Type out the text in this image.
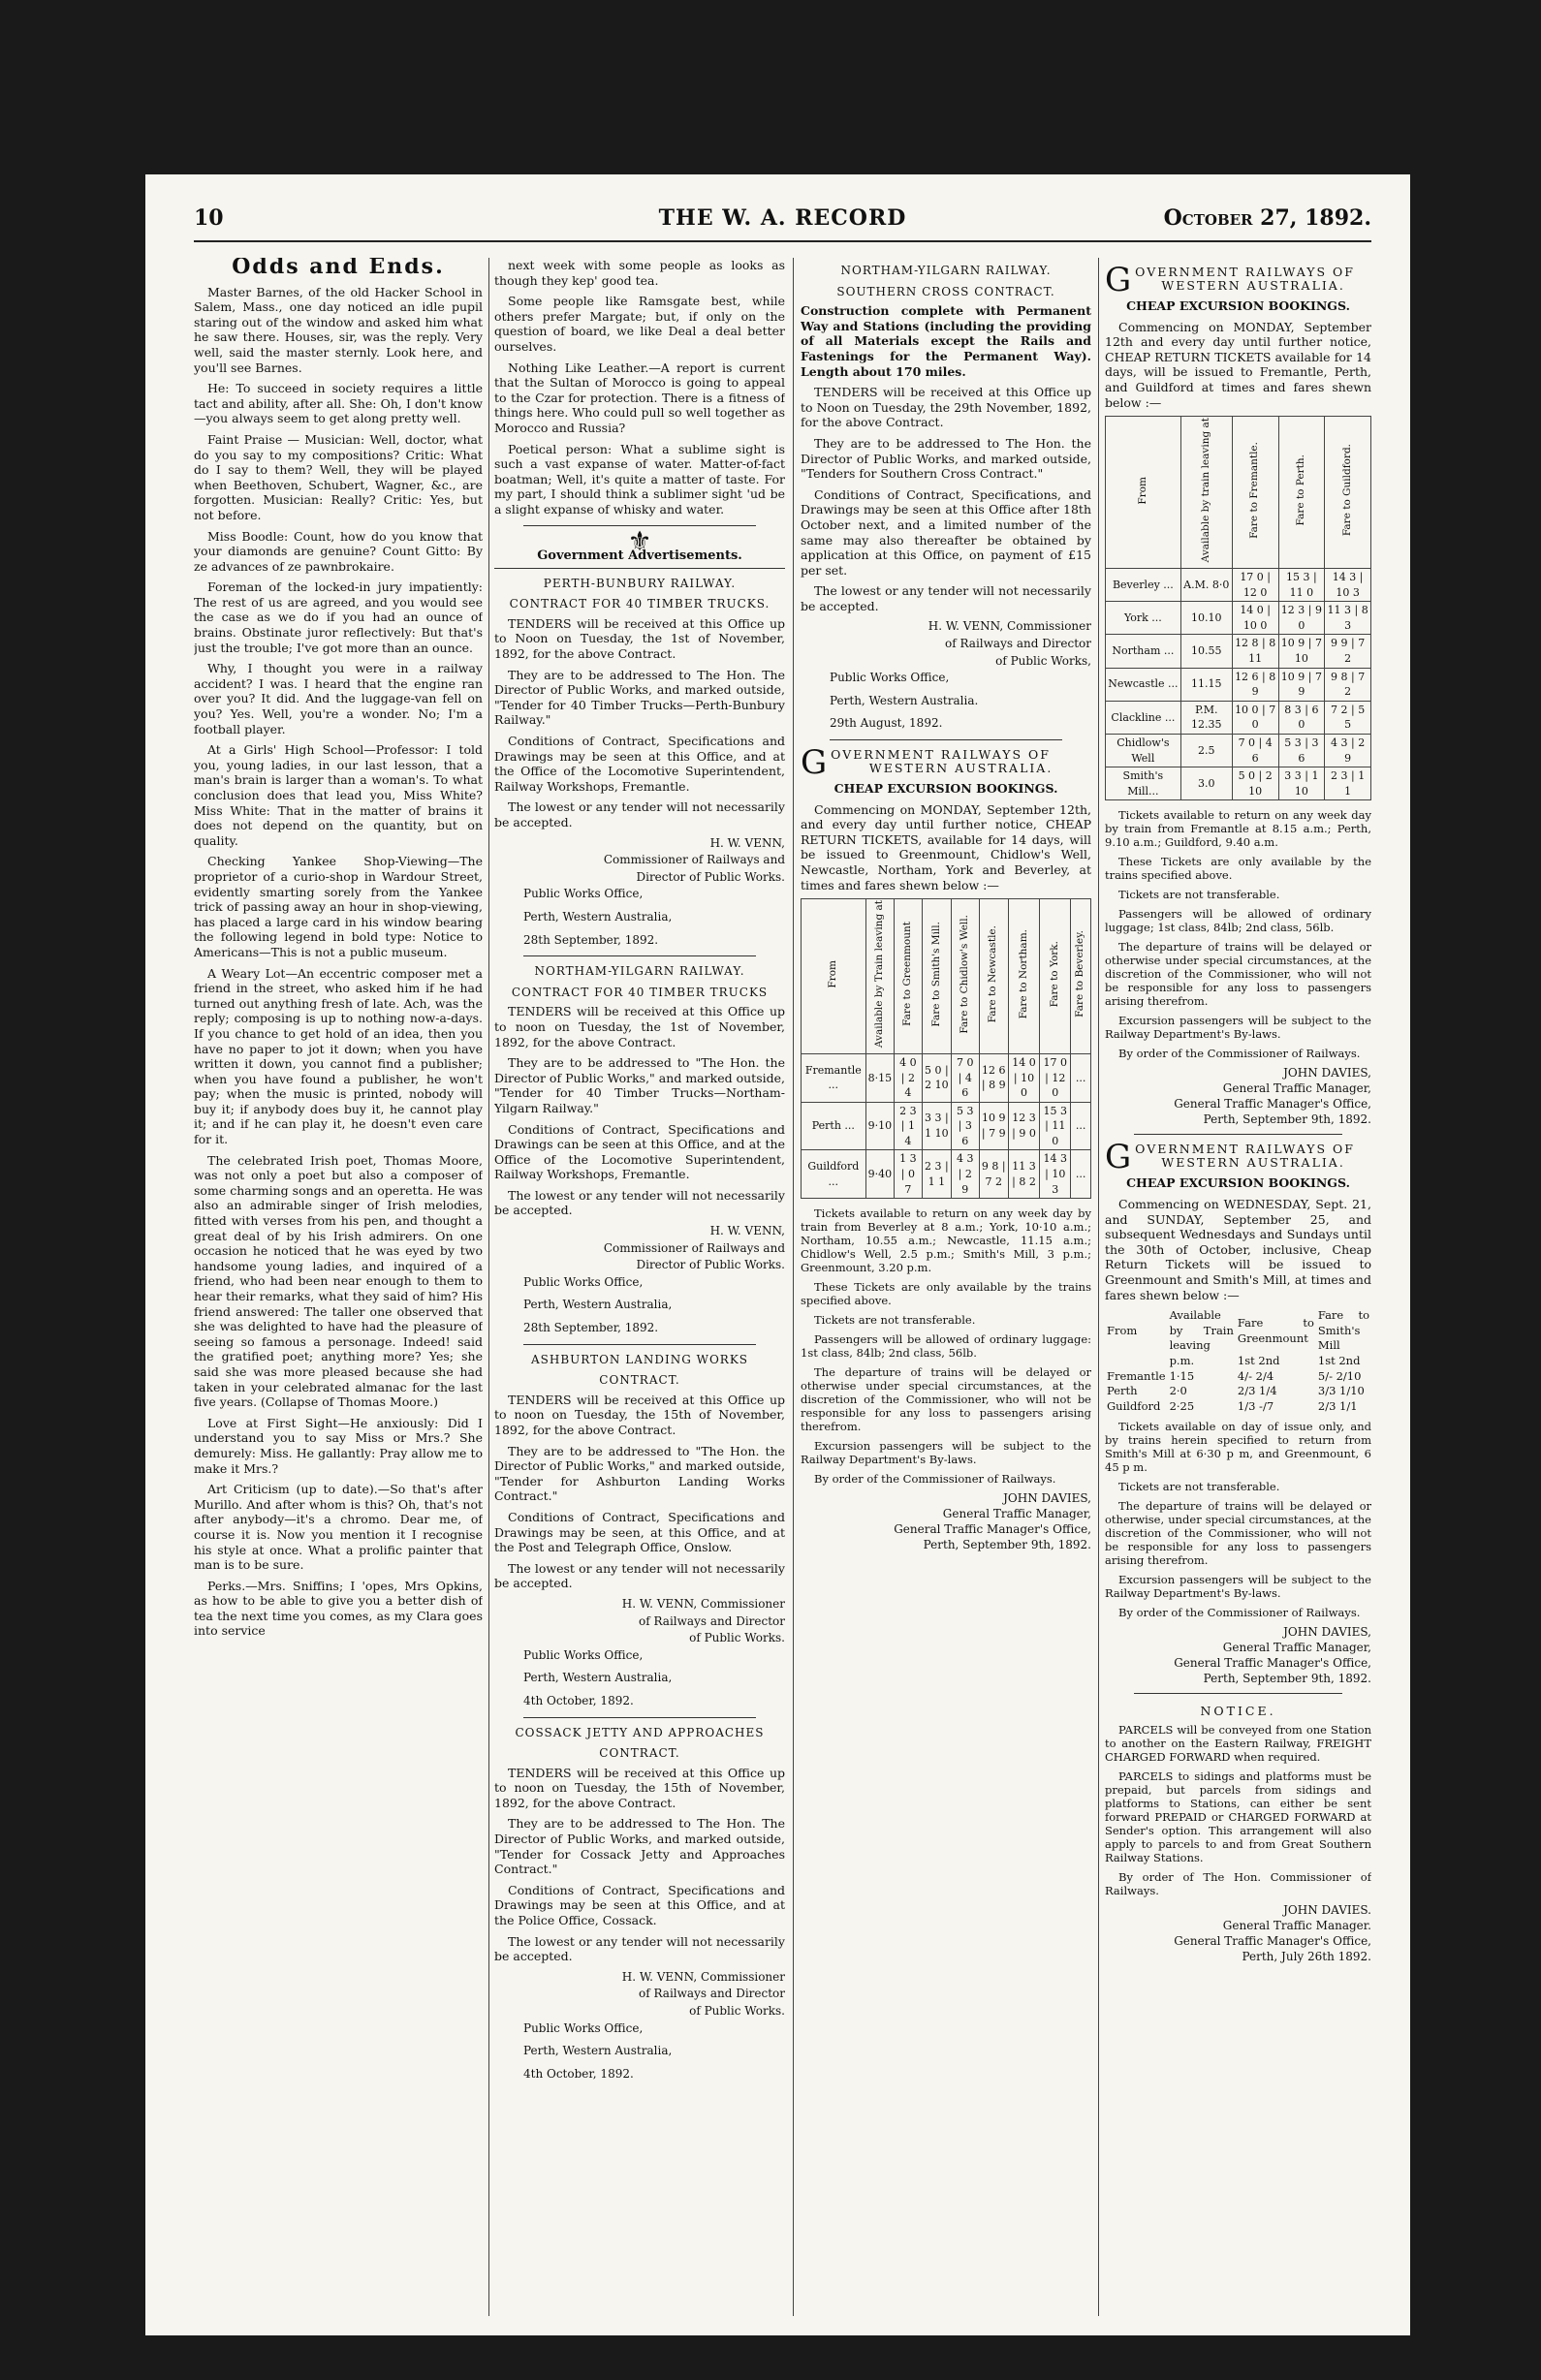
10	THE W. A. RECORD	October 27, 1892.
Odds and Ends.

Master Barnes, of the old Hacker School in Salem, Mass., one day noticed an idle pupil staring out of the window and asked him what he saw there. Houses, sir, was the reply. Very well, said the master sternly. Look here, and you'll see Barnes.

He: To succeed in society requires a little tact and ability, after all. She: Oh, I don't know—you always seem to get along pretty well.

Faint Praise — Musician: Well, doctor, what do you say to my compositions? Critic: What do I say to them? Well, they will be played when Beethoven, Schubert, Wagner, &c., are forgotten. Musician: Really? Critic: Yes, but not before.

Miss Boodle: Count, how do you know that your diamonds are genuine? Count Gitto: By ze advances of ze pawnbrokaire.

Foreman of the locked-in jury impatiently: The rest of us are agreed, and you would see the case as we do if you had an ounce of brains. Obstinate juror reflectively: But that's just the trouble; I've got more than an ounce.

Why, I thought you were in a railway accident? I was. I heard that the engine ran over you? It did. And the luggage-van fell on you? Yes. Well, you're a wonder. No; I'm a football player.

At a Girls' High School—Professor: I told you, young ladies, in our last lesson, that a man's brain is larger than a woman's. To what conclusion does that lead you, Miss White? Miss White: That in the matter of brains it does not depend on the quantity, but on quality.

Checking Yankee Shop-Viewing—The proprietor of a curio-shop in Wardour Street, evidently smarting sorely from the Yankee trick of passing away an hour in shop-viewing, has placed a large card in his window bearing the following legend in bold type: Notice to Americans—This is not a public museum.

A Weary Lot—An eccentric composer met a friend in the street, who asked him if he had turned out anything fresh of late. Ach, was the reply; composing is up to nothing now-a-days. If you chance to get hold of an idea, then you have no paper to jot it down; when you have written it down, you cannot find a publisher; when you have found a publisher, he won't pay; when the music is printed, nobody will buy it; if anybody does buy it, he cannot play it; and if he can play it, he doesn't even care for it.

The celebrated Irish poet, Thomas Moore, was not only a poet but also a composer of some charming songs and an operetta. He was also an admirable singer of Irish melodies, fitted with verses from his pen, and thought a great deal of by his Irish admirers. On one occasion he noticed that he was eyed by two handsome young ladies, and inquired of a friend, who had been near enough to them to hear their remarks, what they said of him? His friend answered: The taller one observed that she was delighted to have had the pleasure of seeing so famous a personage. Indeed! said the gratified poet; anything more? Yes; she said she was more pleased because she had taken in your celebrated almanac for the last five years. (Collapse of Thomas Moore.)

Love at First Sight—He anxiously: Did I understand you to say Miss or Mrs.? She demurely: Miss. He gallantly: Pray allow me to make it Mrs.?

Art Criticism (up to date).—So that's after Murillo. And after whom is this? Oh, that's not after anybody—it's a chromo. Dear me, of course it is. Now you mention it I recognise his style at once. What a prolific painter that man is to be sure.

Perks.—Mrs. Sniffins; I 'opes, Mrs Opkins, as how to be able to give you a better dish of tea the next time you comes, as my Clara goes into service

next week with some people as looks as though they kep' good tea.

Some people like Ramsgate best, while others prefer Margate; but, if only on the question of board, we like Deal a deal better ourselves.

Nothing Like Leather.—A report is current that the Sultan of Morocco is going to appeal to the Czar for protection. There is a fitness of things here. Who could pull so well together as Morocco and Russia?

Poetical person: What a sublime sight is such a vast expanse of water. Matter-of-fact boatman; Well, it's quite a matter of taste. For my part, I should think a sublimer sight 'ud be a slight expanse of whisky and water.

⚜
Government Advertisements.
PERTH-BUNBURY RAILWAY.
CONTRACT FOR 40 TIMBER TRUCKS.

TENDERS will be received at this Office up to Noon on Tuesday, the 1st of November, 1892, for the above Contract.

They are to be addressed to The Hon. The Director of Public Works, and marked outside, "Tender for 40 Timber Trucks—Perth-Bunbury Railway."

Conditions of Contract, Specifications and Drawings may be seen at this Office, and at the Office of the Locomotive Superintendent, Railway Workshops, Fremantle.

The lowest or any tender will not necessarily be accepted.

H. W. VENN,
Commissioner of Railways and
Director of Public Works.
Public Works Office,
Perth, Western Australia,
28th September, 1892.
NORTHAM-YILGARN RAILWAY.
CONTRACT FOR 40 TIMBER TRUCKS

TENDERS will be received at this Office up to noon on Tuesday, the 1st of November, 1892, for the above Contract.

They are to be addressed to "The Hon. the Director of Public Works," and marked outside, "Tender for 40 Timber Trucks—Northam-Yilgarn Railway."

Conditions of Contract, Specifications and Drawings can be seen at this Office, and at the Office of the Locomotive Superintendent, Railway Workshops, Fremantle.

The lowest or any tender will not necessarily be accepted.

H. W. VENN,
Commissioner of Railways and
Director of Public Works.
Public Works Office,
Perth, Western Australia,
28th September, 1892.
ASHBURTON LANDING WORKS
CONTRACT.

TENDERS will be received at this Office up to noon on Tuesday, the 15th of November, 1892, for the above Contract.

They are to be addressed to "The Hon. the Director of Public Works," and marked outside, "Tender for Ashburton Landing Works Contract."

Conditions of Contract, Specifications and Drawings may be seen, at this Office, and at the Post and Telegraph Office, Onslow.

The lowest or any tender will not necessarily be accepted.

H. W. VENN, Commissioner
of Railways and Director
of Public Works.
Public Works Office,
Perth, Western Australia,
4th October, 1892.
COSSACK JETTY AND APPROACHES
CONTRACT.

TENDERS will be received at this Office up to noon on Tuesday, the 15th of November, 1892, for the above Contract.

They are to be addressed to The Hon. The Director of Public Works, and marked outside, "Tender for Cossack Jetty and Approaches Contract."

Conditions of Contract, Specifications and Drawings may be seen at this Office, and at the Police Office, Cossack.

The lowest or any tender will not necessarily be accepted.

H. W. VENN, Commissioner
of Railways and Director
of Public Works.
Public Works Office,
Perth, Western Australia,
4th October, 1892.
NORTHAM-YILGARN RAILWAY.
SOUTHERN CROSS CONTRACT.

Construction complete with Permanent Way and Stations (including the providing of all Materials except the Rails and Fastenings for the Permanent Way). Length about 170 miles.

TENDERS will be received at this Office up to Noon on Tuesday, the 29th November, 1892, for the above Contract.

They are to be addressed to The Hon. the Director of Public Works, and marked outside, "Tenders for Southern Cross Contract."

Conditions of Contract, Specifications, and Drawings may be seen at this Office after 18th October next, and a limited number of the same may also thereafter be obtained by application at this Office, on payment of £15 per set.

The lowest or any tender will not necessarily be accepted.

H. W. VENN, Commissioner
of Railways and Director
of Public Works,
Public Works Office,
Perth, Western Australia.
29th August, 1892.
G OVERNMENT RAILWAYS OF
WESTERN AUSTRALIA.
CHEAP EXCURSION BOOKINGS.

Commencing on MONDAY, September 12th, and every day until further notice, CHEAP RETURN TICKETS, available for 14 days, will be issued to Greenmount, Chidlow's Well, Newcastle, Northam, York and Beverley, at times and fares shewn below :—

From	Available by Train leaving at	Fare to Greenmount	Fare to Smith's Mill.	Fare to Chidlow's Well.	Fare to Newcastle.	Fare to Northam.	Fare to York.	Fare to Beverley.
Fremantle ...	8·15	4 0 | 2 4	5 0 | 2 10	7 0 | 4 6	12 6 | 8 9	14 0 | 10 0	17 0 | 12 0	...
Perth ...	9·10	2 3 | 1 4	3 3 | 1 10	5 3 | 3 6	10 9 | 7 9	12 3 | 9 0	15 3 | 11 0	...
Guildford ...	9·40	1 3 | 0 7	2 3 | 1 1	4 3 | 2 9	9 8 | 7 2	11 3 | 8 2	14 3 | 10 3	...

Tickets available to return on any week day by train from Beverley at 8 a.m.; York, 10·10 a.m.; Northam, 10.55 a.m.; Newcastle, 11.15 a.m.; Chidlow's Well, 2.5 p.m.; Smith's Mill, 3 p.m.; Greenmount, 3.20 p.m.

These Tickets are only available by the trains specified above.

Tickets are not transferable.

Passengers will be allowed of ordinary luggage: 1st class, 84lb; 2nd class, 56lb.

The departure of trains will be delayed or otherwise under special circumstances, at the discretion of the Commissioner, who will not be responsible for any loss to passengers arising therefrom.

Excursion passengers will be subject to the Railway Department's By-laws.

By order of the Commissioner of Railways.

JOHN DAVIES,
General Traffic Manager,
General Traffic Manager's Office,
Perth, September 9th, 1892.
G OVERNMENT RAILWAYS OF
WESTERN AUSTRALIA.
CHEAP EXCURSION BOOKINGS.

Commencing on MONDAY, September 12th and every day until further notice, CHEAP RETURN TICKETS available for 14 days, will be issued to Fremantle, Perth, and Guildford at times and fares shewn below :—

From	Available by train leaving at	Fare to Fremantle.	Fare to Perth.	Fare to Guildford.
Beverley ...	A.M. 8·0	17 0 | 12 0	15 3 | 11 0	14 3 | 10 3
York ...	10.10	14 0 | 10 0	12 3 | 9 0	11 3 | 8 3
Northam ...	10.55	12 8 | 8 11	10 9 | 7 10	9 9 | 7 2
Newcastle ...	11.15	12 6 | 8 9	10 9 | 7 9	9 8 | 7 2
Clackline ...	P.M. 12.35	10 0 | 7 0	8 3 | 6 0	7 2 | 5 5
Chidlow's Well	2.5	7 0 | 4 6	5 3 | 3 6	4 3 | 2 9
Smith's Mill...	3.0	5 0 | 2 10	3 3 | 1 10	2 3 | 1 1

Tickets available to return on any week day by train from Fremantle at 8.15 a.m.; Perth, 9.10 a.m.; Guildford, 9.40 a.m.

These Tickets are only available by the trains specified above.

Tickets are not transferable.

Passengers will be allowed of ordinary luggage; 1st class, 84lb; 2nd class, 56lb.

The departure of trains will be delayed or otherwise under special circumstances, at the discretion of the Commissioner, who will not be responsible for any loss to passengers arising therefrom.

Excursion passengers will be subject to the Railway Department's By-laws.

By order of the Commissioner of Railways.

JOHN DAVIES,
General Traffic Manager,
General Traffic Manager's Office,
Perth, September 9th, 1892.
G OVERNMENT RAILWAYS OF
WESTERN AUSTRALIA.
CHEAP EXCURSION BOOKINGS.

Commencing on WEDNESDAY, Sept. 21, and SUNDAY, September 25, and subsequent Wednesdays and Sundays until the 30th of October, inclusive, Cheap Return Tickets will be issued to Greenmount and Smith's Mill, at times and fares shewn below :—

From	Available by Train leaving	Fare to Greenmount	Fare to Smith's Mill
	p.m.	1st 2nd	1st 2nd
Fremantle	1·15	4/- 2/4	5/- 2/10
Perth	2·0	2/3 1/4	3/3 1/10
Guildford	2·25	1/3 -/7	2/3 1/1

Tickets available on day of issue only, and by trains herein specified to return from Smith's Mill at 6·30 p m, and Greenmount, 6 45 p m.

Tickets are not transferable.

The departure of trains will be delayed or otherwise, under special circumstances, at the discretion of the Commissioner, who will not be responsible for any loss to passengers arising therefrom.

Excursion passengers will be subject to the Railway Department's By-laws.

By order of the Commissioner of Railways.

JOHN DAVIES,
General Traffic Manager,
General Traffic Manager's Office,
Perth, September 9th, 1892.
NOTICE.

PARCELS will be conveyed from one Station to another on the Eastern Railway, FREIGHT CHARGED FORWARD when required.

PARCELS to sidings and platforms must be prepaid, but parcels from sidings and platforms to Stations, can either be sent forward PREPAID or CHARGED FORWARD at Sender's option. This arrangement will also apply to parcels to and from Great Southern Railway Stations.

By order of The Hon. Commissioner of Railways.

JOHN DAVIES.
General Traffic Manager.
General Traffic Manager's Office,
Perth, July 26th 1892.
